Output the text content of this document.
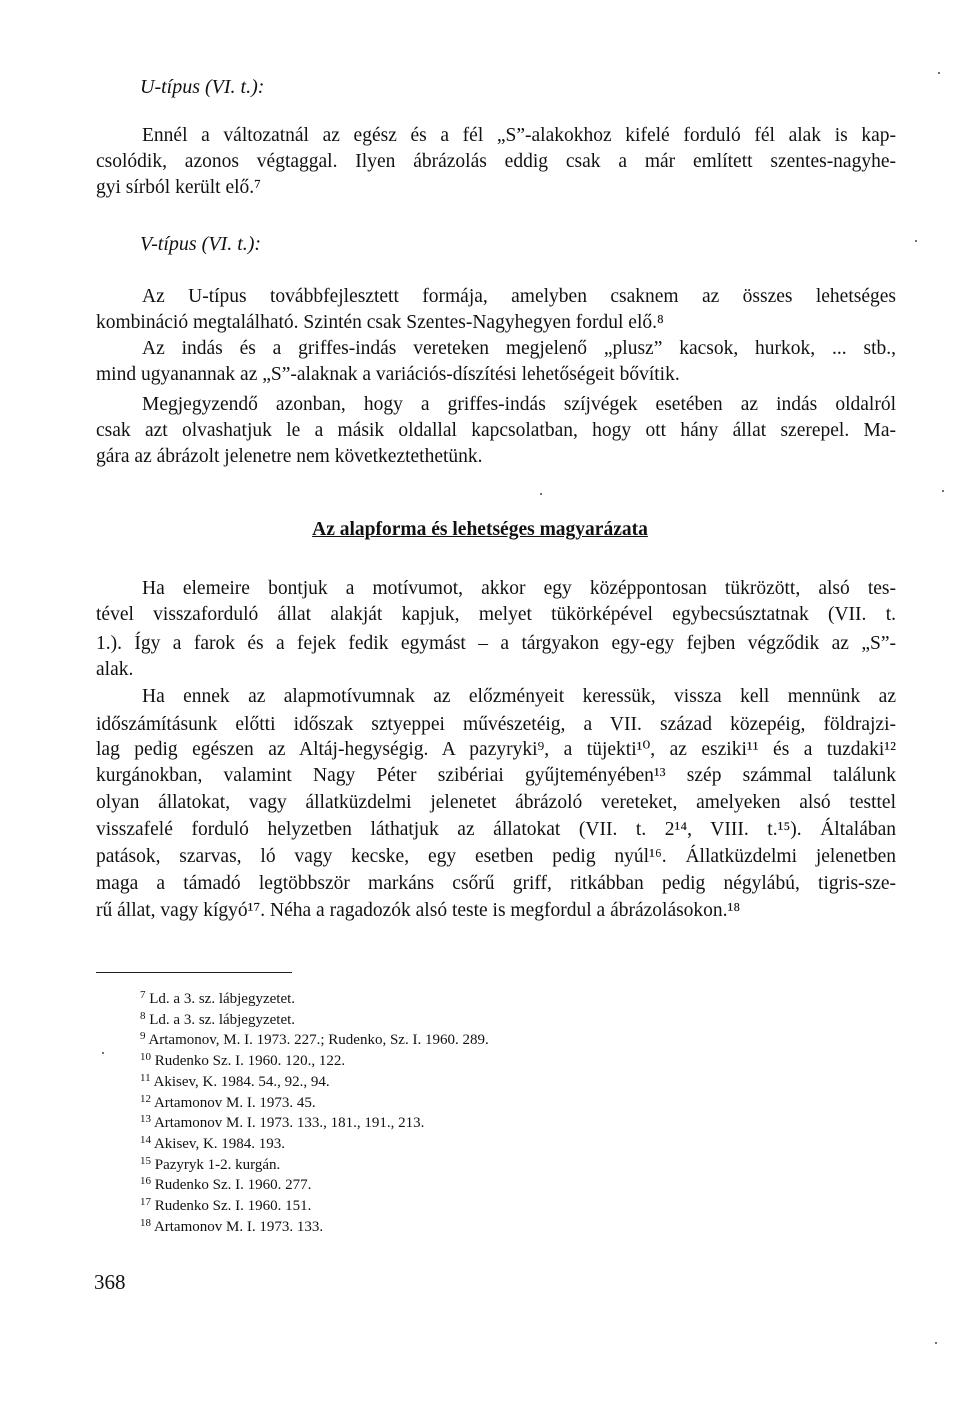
U-típus (VI. t.):
Ennél a változatnál az egész és a fél „S”-alakokhoz kifelé forduló fél alak is kap-
csolódik, azonos végtaggal. Ilyen ábrázolás eddig csak a már említett szentes-nagyhe-
gyi sírból került elő.⁷
V-típus (VI. t.):
Az U-típus továbbfejlesztett formája, amelyben csaknem az összes lehetséges
kombináció megtalálható. Szintén csak Szentes-Nagyhegyen fordul elő.⁸
Az indás és a griffes-indás vereteken megjelenő „plusz” kacsok, hurkok, ... stb.,
mind ugyanannak az „S”-alaknak a variációs-díszítési lehetőségeit bővítik.
Megjegyzendő azonban, hogy a griffes-indás szíjvégek esetében az indás oldalról
csak azt olvashatjuk le a másik oldallal kapcsolatban, hogy ott hány állat szerepel. Ma-
gára az ábrázolt jelenetre nem következtethetünk.
Az alapforma és lehetséges magyarázata
Ha elemeire bontjuk a motívumot, akkor egy középpontosan tükrözött, alsó tes-
tével visszaforduló állat alakját kapjuk, melyet tükörképével egybecsúsztatnak (VII. t.
1.). Így a farok és a fejek fedik egymást – a tárgyakon egy-egy fejben végződik az „S”-
alak.
Ha ennek az alapmotívumnak az előzményeit keressük, vissza kell mennünk az
időszámításunk előtti időszak sztyeppei művészetéig, a VII. század közepéig, földrajzi-
lag pedig egészen az Altáj-hegységig. A pazyryki⁹, a tüjekti¹⁰, az eszikі¹¹ és a tuzdaki¹²
kurgánokban, valamint Nagy Péter szibériai gyűjteményében¹³ szép számmal találunk
olyan állatokat, vagy állatküzdelmi jelenetet ábrázoló vereteket, amelyeken alsó testtel
visszafelé forduló helyzetben láthatjuk az állatokat (VII. t. 2¹⁴, VIII. t.¹⁵). Általában
patások, szarvas, ló vagy kecske, egy esetben pedig nyúl¹⁶. Állatküzdelmi jelenetben
maga a támadó legtöbbször markáns csőrű griff, ritkábban pedig négylábú, tigris-sze-
rű állat, vagy kígyó¹⁷. Néha a ragadozók alsó teste is megfordul a ábrázolásokon.¹⁸
$^7$ Ld. a 3. sz. lábjegyzetet.
$^8$ Ld. a 3. sz. lábjegyzetet.
$^9$ Artamonov, M. I. 1973. 227.; Rudenko, Sz. I. 1960. 289.
$^{10}$ Rudenko Sz. I. 1960. 120., 122.
$^{11}$ Akisev, K. 1984. 54., 92., 94.
$^{12}$ Artamonov M. I. 1973. 45.
$^{13}$ Artamonov M. I. 1973. 133., 181., 191., 213.
$^{14}$ Akisev, K. 1984. 193.
$^{15}$ Pazyryk 1-2. kurgán.
$^{16}$ Rudenko Sz. I. 1960. 277.
$^{17}$ Rudenko Sz. I. 1960. 151.
$^{18}$ Artamonov M. I. 1973. 133.
368
